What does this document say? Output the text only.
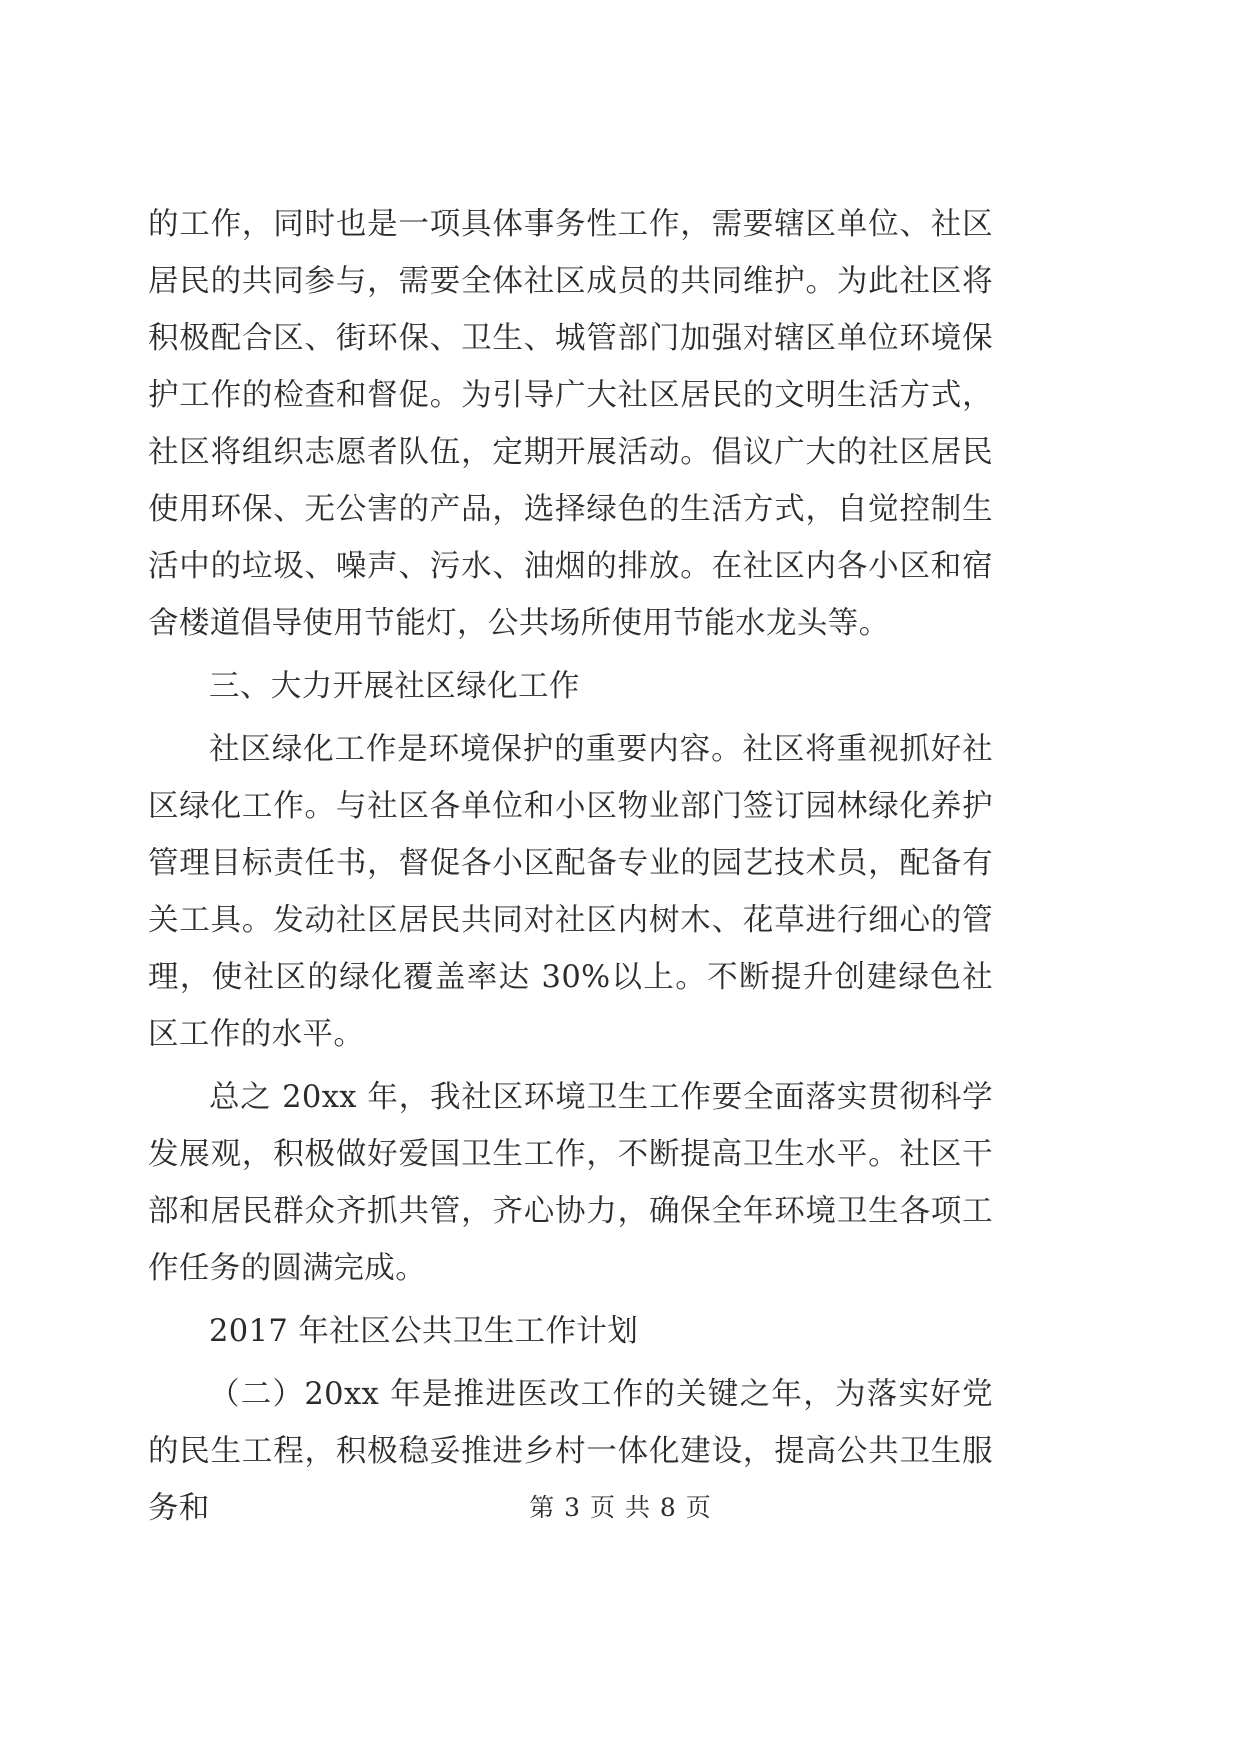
的工作，同时也是一项具体事务性工作，需要辖区单位、社区居民的共同参与，需要全体社区成员的共同维护。为此社区将积极配合区、街环保、卫生、城管部门加强对辖区单位环境保护工作的检查和督促。为引导广大社区居民的文明生活方式，社区将组织志愿者队伍，定期开展活动。倡议广大的社区居民使用环保、无公害的产品，选择绿色的生活方式，自觉控制生活中的垃圾、噪声、污水、油烟的排放。在社区内各小区和宿舍楼道倡导使用节能灯，公共场所使用节能水龙头等。

三、大力开展社区绿化工作

社区绿化工作是环境保护的重要内容。社区将重视抓好社区绿化工作。与社区各单位和小区物业部门签订园林绿化养护管理目标责任书，督促各小区配备专业的园艺技术员，配备有关工具。发动社区居民共同对社区内树木、花草进行细心的管理，使社区的绿化覆盖率达 30%以上。不断提升创建绿色社区工作的水平。

总之 20xx 年，我社区环境卫生工作要全面落实贯彻科学发展观，积极做好爱国卫生工作，不断提高卫生水平。社区干部和居民群众齐抓共管，齐心协力，确保全年环境卫生各项工作任务的圆满完成。

2017 年社区公共卫生工作计划

（二）20xx 年是推进医改工作的关键之年，为落实好党的民生工程，积极稳妥推进乡村一体化建设，提高公共卫生服务和	第 3 页 共 8 页
